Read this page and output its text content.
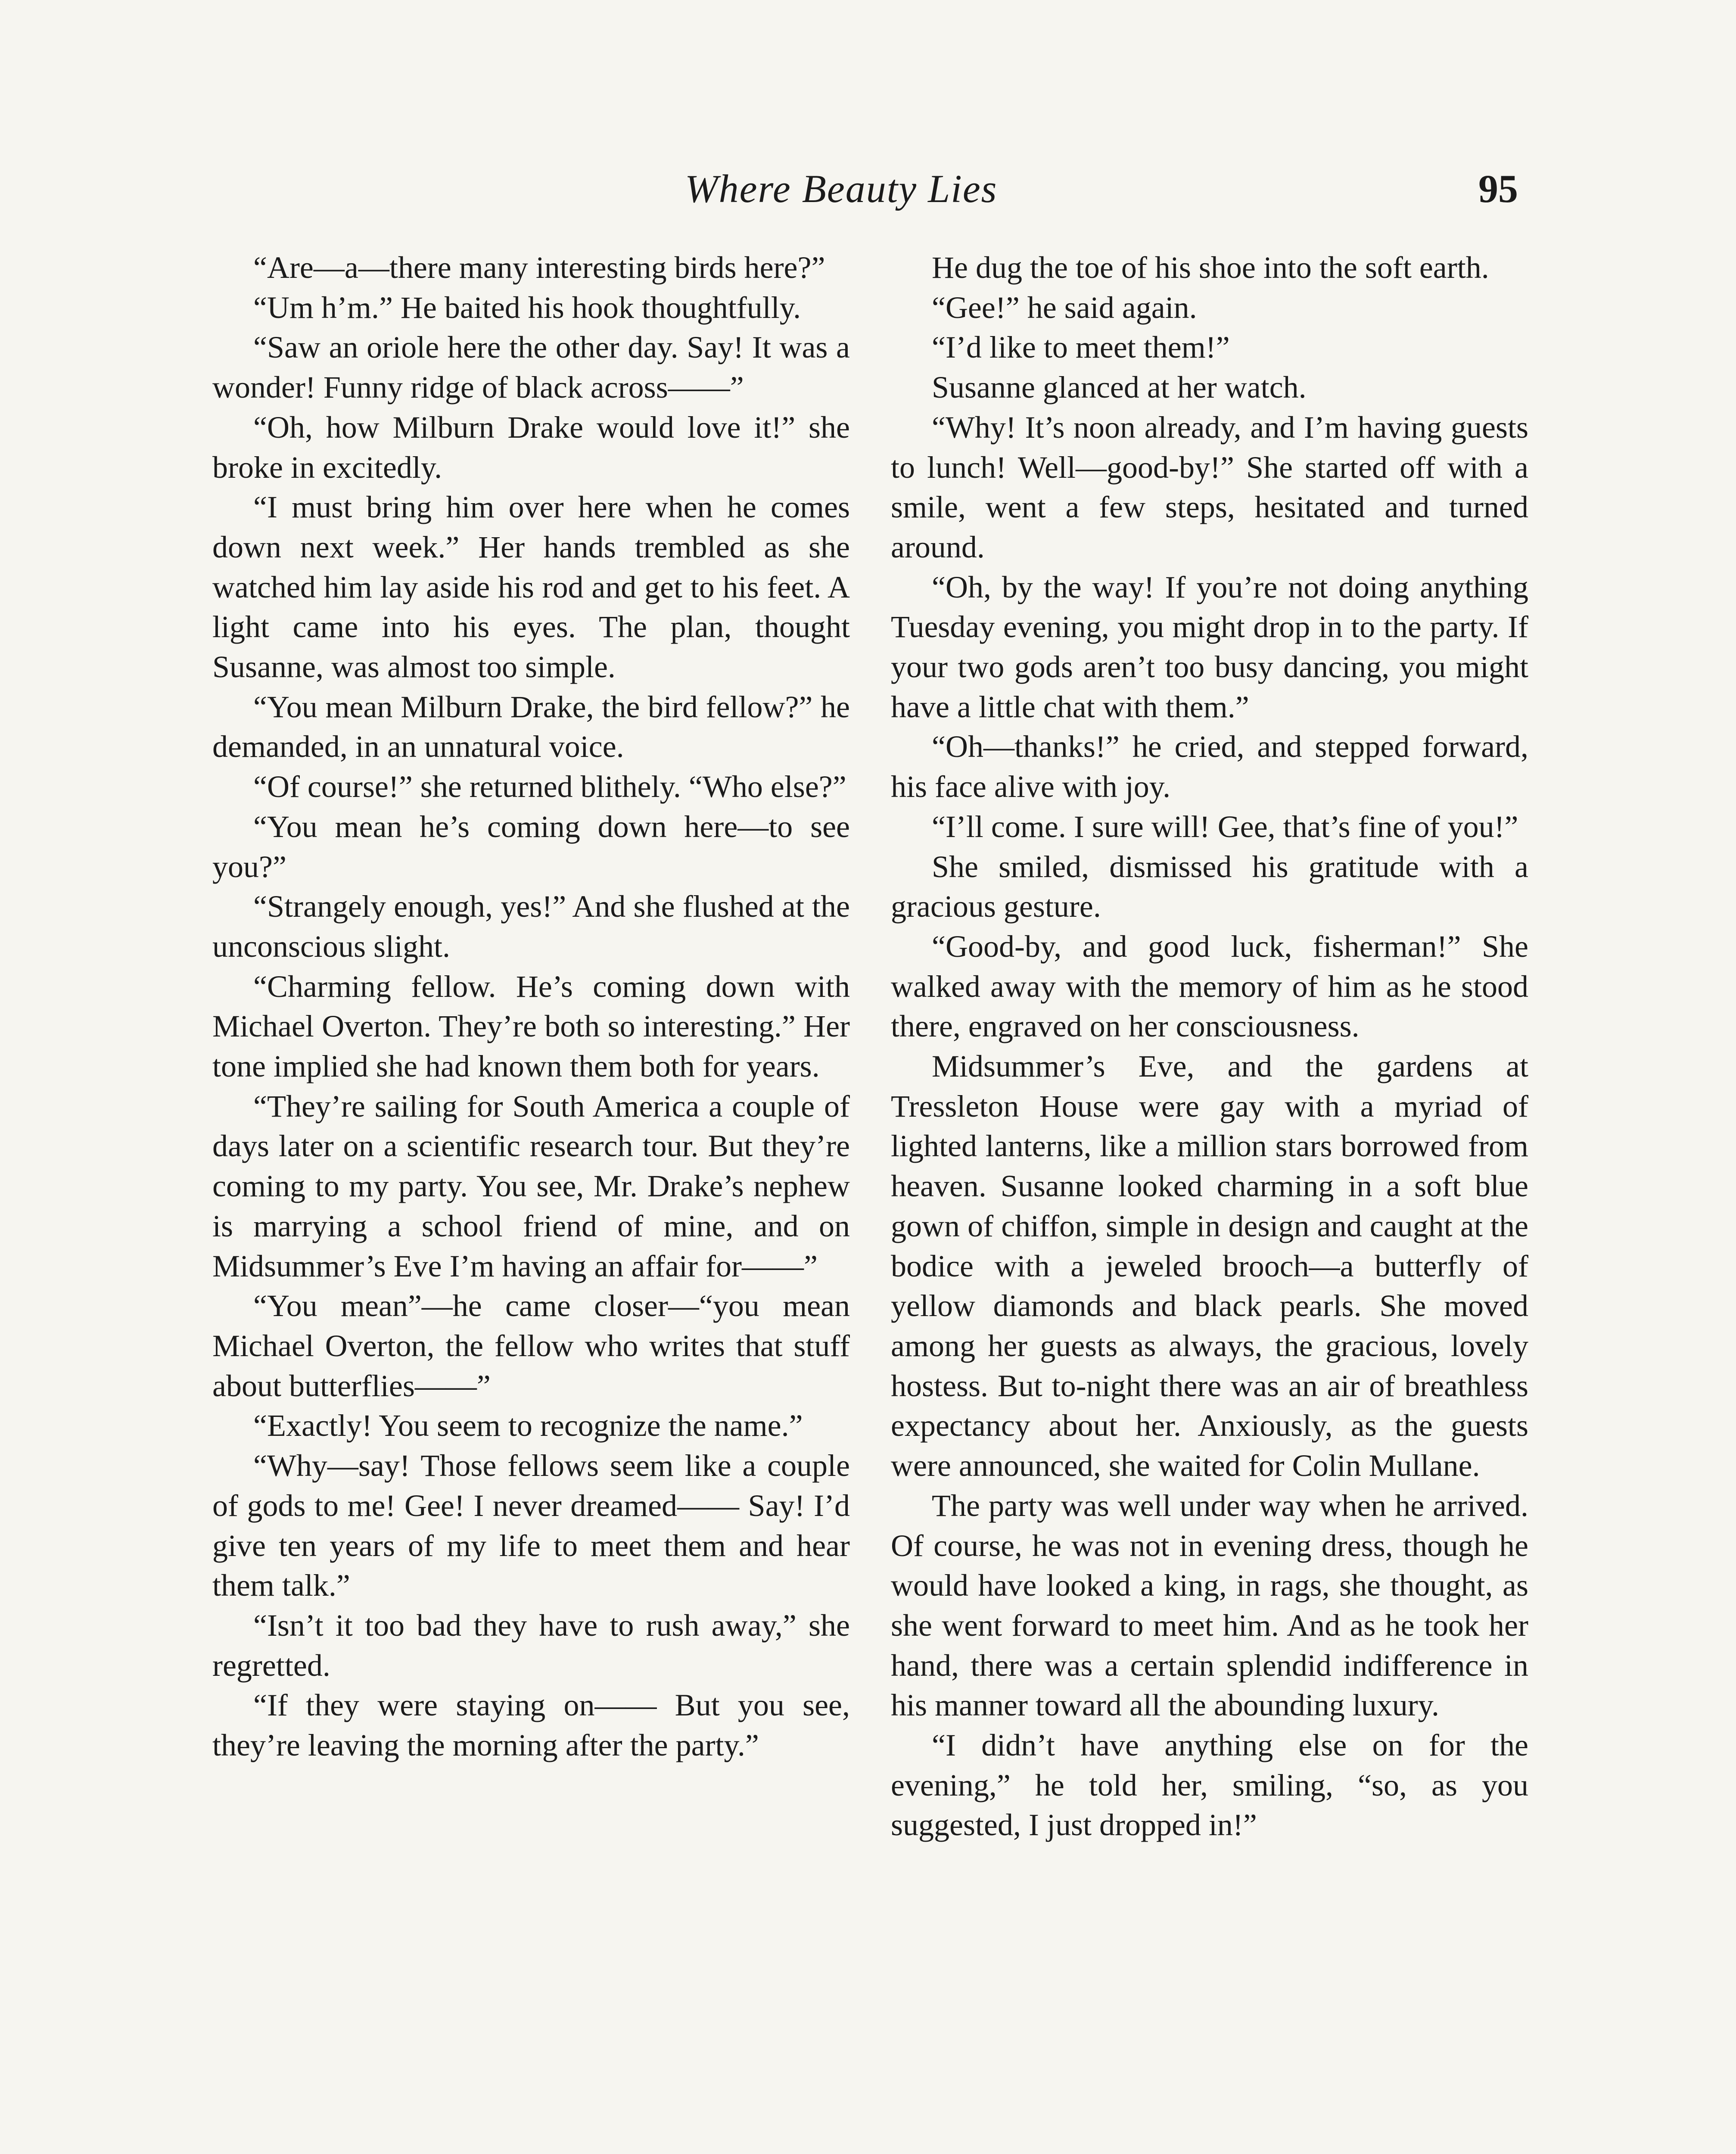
Where Beauty Lies	95

“Are—a—there many interesting birds here?”

“Um h’m.” He baited his hook thoughtfully.

“Saw an oriole here the other day. Say! It was a wonder! Funny ridge of black across——”

“Oh, how Milburn Drake would love it!” she broke in excitedly.

“I must bring him over here when he comes down next week.” Her hands trembled as she watched him lay aside his rod and get to his feet. A light came into his eyes. The plan, thought Susanne, was almost too simple.

“You mean Milburn Drake, the bird fellow?” he demanded, in an unnatural voice.

“Of course!” she returned blithely. “Who else?”

“You mean he’s coming down here—to see you?”

“Strangely enough, yes!” And she flushed at the unconscious slight.

“Charming fellow. He’s coming down with Michael Overton. They’re both so interesting.” Her tone implied she had known them both for years.

“They’re sailing for South America a couple of days later on a scientific research tour. But they’re coming to my party. You see, Mr. Drake’s nephew is marrying a school friend of mine, and on Midsummer’s Eve I’m having an affair for——”

“You mean”—he came closer—“you mean Michael Overton, the fellow who writes that stuff about butterflies——”

“Exactly! You seem to recognize the name.”

“Why—say! Those fellows seem like a couple of gods to me! Gee! I never dreamed—— Say! I’d give ten years of my life to meet them and hear them talk.”

“Isn’t it too bad they have to rush away,” she regretted.

“If they were staying on—— But you see, they’re leaving the morning after the party.”

He dug the toe of his shoe into the soft earth.

“Gee!” he said again.

“I’d like to meet them!”

Susanne glanced at her watch.

“Why! It’s noon already, and I’m having guests to lunch! Well—good-by!” She started off with a smile, went a few steps, hesitated and turned around.

“Oh, by the way! If you’re not doing anything Tuesday evening, you might drop in to the party. If your two gods aren’t too busy dancing, you might have a little chat with them.”

“Oh—thanks!” he cried, and stepped forward, his face alive with joy.

“I’ll come. I sure will! Gee, that’s fine of you!”

She smiled, dismissed his gratitude with a gracious gesture.

“Good-by, and good luck, fisherman!” She walked away with the memory of him as he stood there, engraved on her consciousness.

Midsummer’s Eve, and the gardens at Tressleton House were gay with a myriad of lighted lanterns, like a million stars borrowed from heaven. Susanne looked charming in a soft blue gown of chiffon, simple in design and caught at the bodice with a jeweled brooch—a butterfly of yellow diamonds and black pearls. She moved among her guests as always, the gracious, lovely hostess. But to-night there was an air of breathless expectancy about her. Anxiously, as the guests were announced, she waited for Colin Mullane.

The party was well under way when he arrived. Of course, he was not in evening dress, though he would have looked a king, in rags, she thought, as she went forward to meet him. And as he took her hand, there was a certain splendid indifference in his manner toward all the abounding luxury.

“I didn’t have anything else on for the evening,” he told her, smiling, “so, as you suggested, I just dropped in!”
